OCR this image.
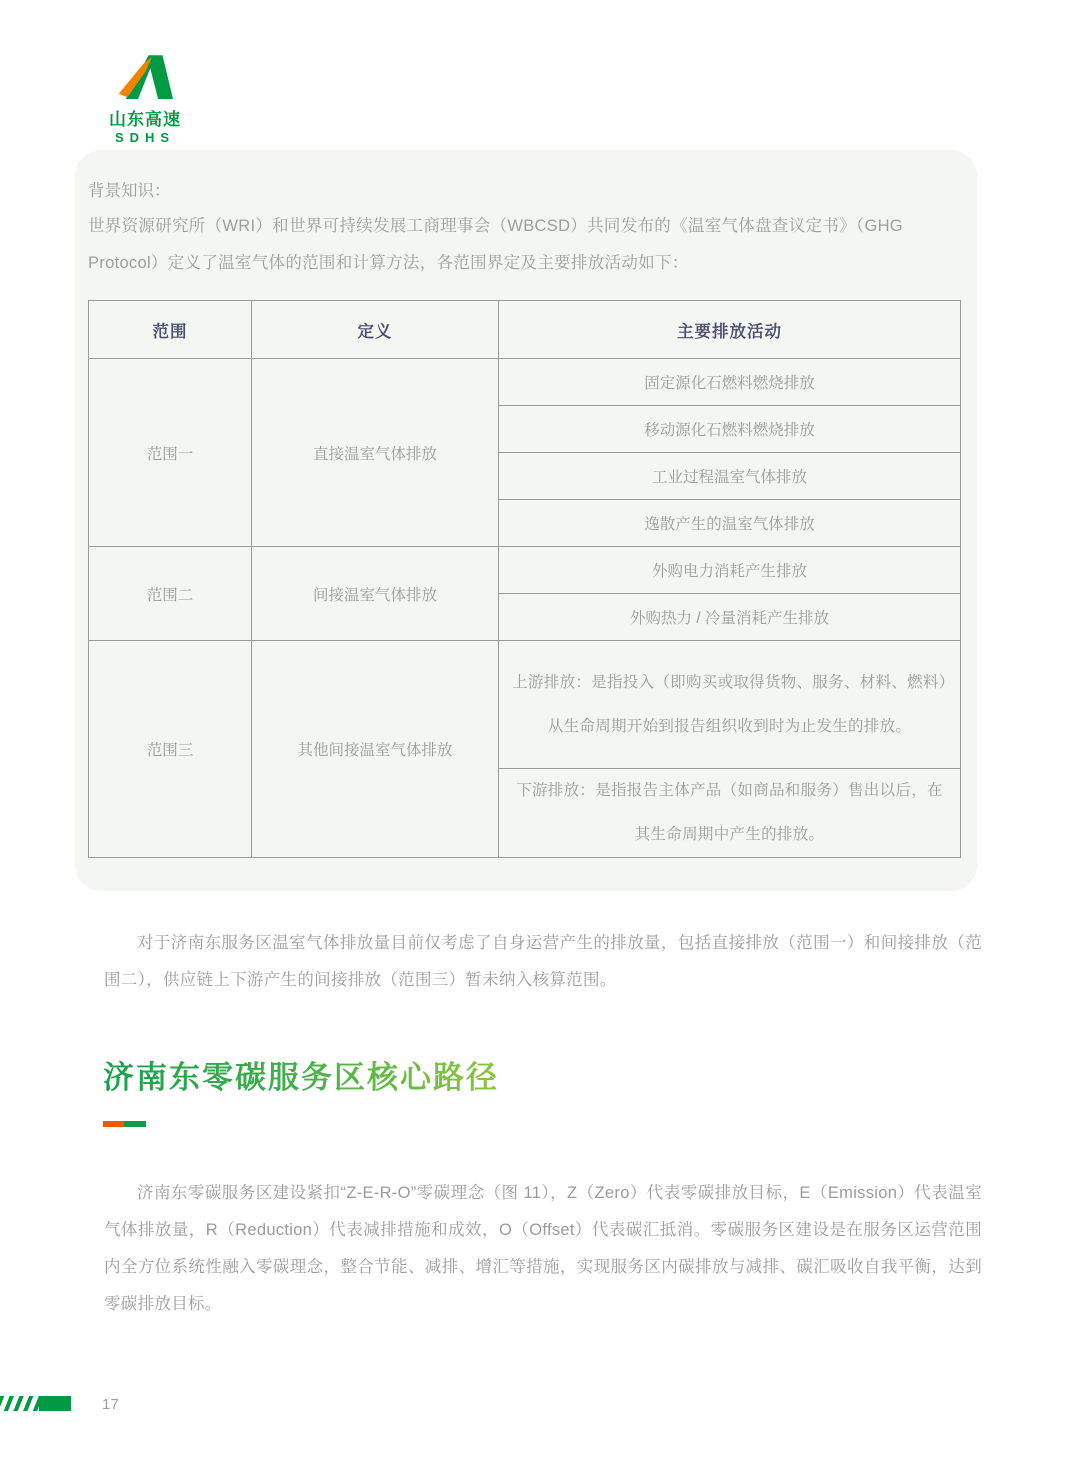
山东高速
SDHS
背景知识：
世界资源研究所（WRI）和世界可持续发展工商理事会（WBCSD）共同发布的《温室气体盘查议定书》（GHG Protocol）定义了温室气体的范围和计算方法，各范围界定及主要排放活动如下：
范围	定义	主要排放活动
范围一	直接温室气体排放	固定源化石燃料燃烧排放
		移动源化石燃料燃烧排放
		工业过程温室气体排放
		逸散产生的温室气体排放
范围二	间接温室气体排放	外购电力消耗产生排放
		外购热力 / 冷量消耗产生排放
范围三	其他间接温室气体排放	上游排放：是指投入（即购买或取得货物、服务、材料、燃料）从生命周期开始到报告组织收到时为止发生的排放。
		下游排放：是指报告主体产品（如商品和服务）售出以后，在其生命周期中产生的排放。
对于济南东服务区温室气体排放量目前仅考虑了自身运营产生的排放量，包括直接排放（范围一）和间接排放（范围二），供应链上下游产生的间接排放（范围三）暂未纳入核算范围。
济南东零碳服务区核心路径
济南东零碳服务区建设紧扣“Z-E-R-O”零碳理念（图 11），Z（Zero）代表零碳排放目标，E（Emission）代表温室气体排放量，R（Reduction）代表减排措施和成效，O（Offset）代表碳汇抵消。零碳服务区建设是在服务区运营范围内全方位系统性融入零碳理念，整合节能、减排、增汇等措施，实现服务区内碳排放与减排、碳汇吸收自我平衡，达到零碳排放目标。
17
